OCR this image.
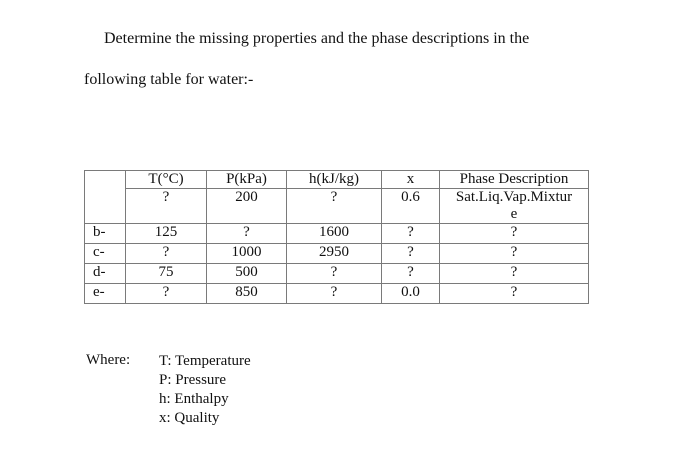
Determine the missing properties and the phase descriptions in the
following table for water:-

	T(°C)	P(kPa)	h(kJ/kg)	x	Phase Description
	?	200	?	0.6	Sat.Liq.Vap.Mixtur
e

b-	125	?	1600	?	?
c-	?	1000	2950	?	?
d-	75	500	?	?	?
e-	?	850	?	0.0	?
Where: T: Temperature
P: Pressure
h: Enthalpy
x: Quality
